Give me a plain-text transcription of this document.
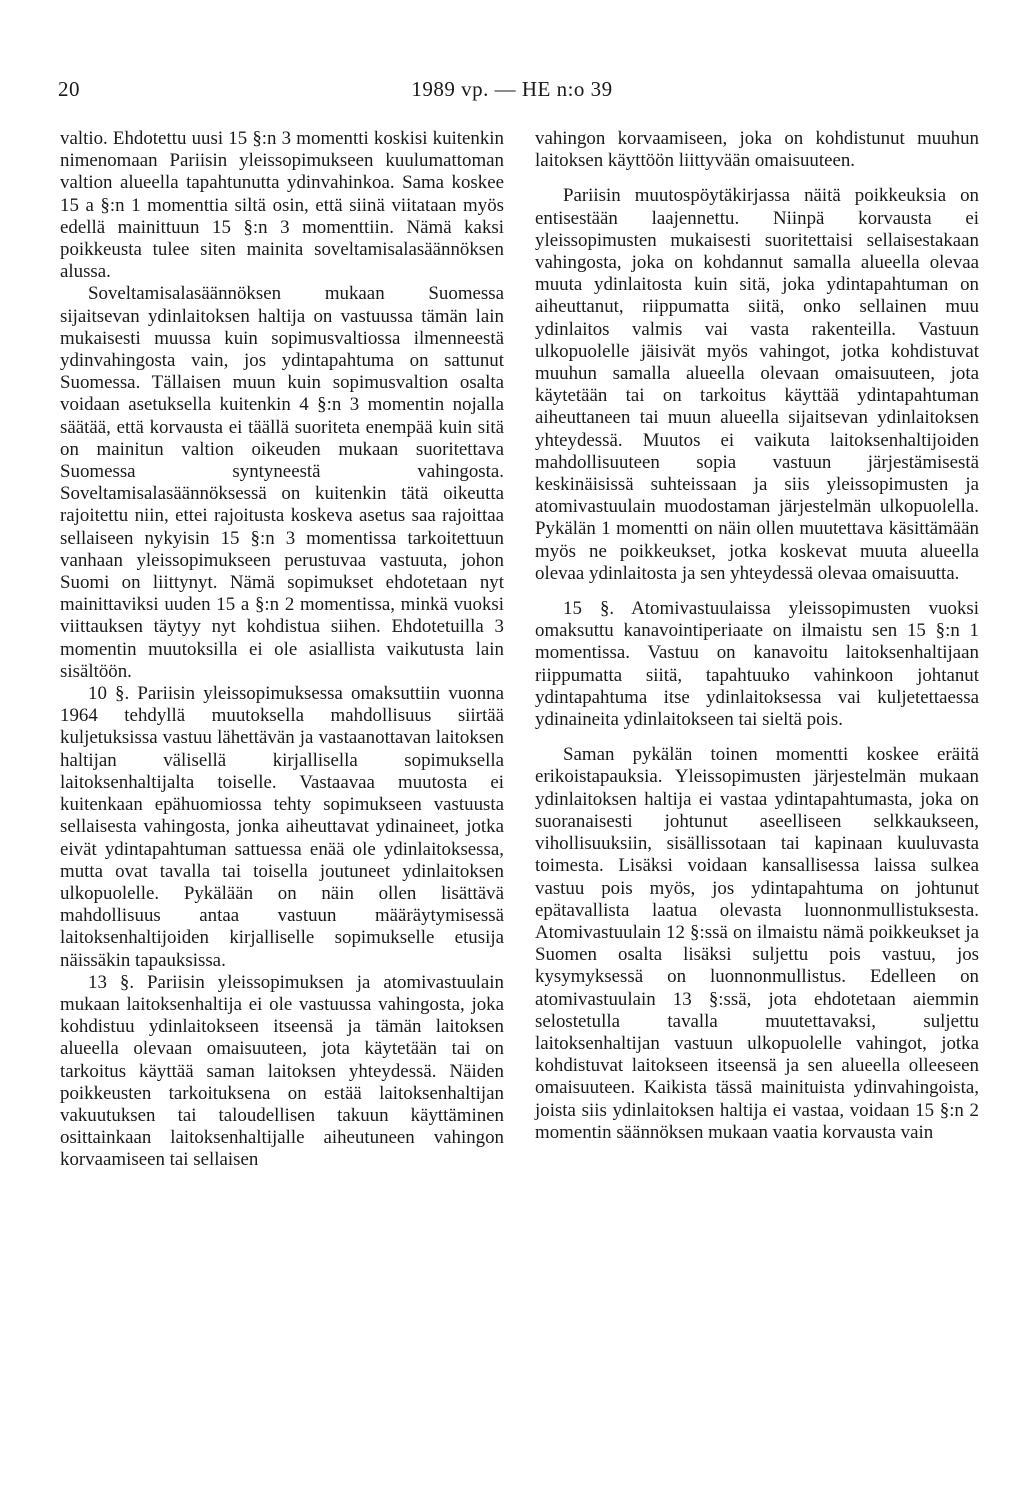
20	1989 vp. — HE n:o 39

valtio. Ehdotettu uusi 15 §:n 3 momentti koskisi kuitenkin nimenomaan Pariisin yleissopimukseen kuulumattoman valtion alueella tapahtunutta ydinvahinkoa. Sama koskee 15 a §:n 1 momenttia siltä osin, että siinä viitataan myös edellä mainittuun 15 §:n 3 momenttiin. Nämä kaksi poikkeusta tulee siten mainita soveltamisalasäännöksen alussa.

Soveltamisalasäännöksen mukaan Suomessa sijaitsevan ydinlaitoksen haltija on vastuussa tämän lain mukaisesti muussa kuin sopimusvaltiossa ilmenneestä ydinvahingosta vain, jos ydintapahtuma on sattunut Suomessa. Tällaisen muun kuin sopimusvaltion osalta voidaan asetuksella kuitenkin 4 §:n 3 momentin nojalla säätää, että korvausta ei täällä suoriteta enempää kuin sitä on mainitun valtion oikeuden mukaan suoritettava Suomessa syntyneestä vahingosta. Soveltamisalasäännöksessä on kuitenkin tätä oikeutta rajoitettu niin, ettei rajoitusta koskeva asetus saa rajoittaa sellaiseen nykyisin 15 §:n 3 momentissa tarkoitettuun vanhaan yleissopimukseen perustuvaa vastuuta, johon Suomi on liittynyt. Nämä sopimukset ehdotetaan nyt mainittaviksi uuden 15 a §:n 2 momentissa, minkä vuoksi viittauksen täytyy nyt kohdistua siihen. Ehdotetuilla 3 momentin muutoksilla ei ole asiallista vaikutusta lain sisältöön.

10 §. Pariisin yleissopimuksessa omaksuttiin vuonna 1964 tehdyllä muutoksella mahdollisuus siirtää kuljetuksissa vastuu lähettävän ja vastaanottavan laitoksen haltijan välisellä kirjallisella sopimuksella laitoksenhaltijalta toiselle. Vastaavaa muutosta ei kuitenkaan epähuomiossa tehty sopimukseen vastuusta sellaisesta vahingosta, jonka aiheuttavat ydinaineet, jotka eivät ydintapahtuman sattuessa enää ole ydinlaitoksessa, mutta ovat tavalla tai toisella joutuneet ydinlaitoksen ulkopuolelle. Pykälään on näin ollen lisättävä mahdollisuus antaa vastuun määräytymisessä laitoksenhaltijoiden kirjalliselle sopimukselle etusija näissäkin tapauksissa.

13 §. Pariisin yleissopimuksen ja atomivastuulain mukaan laitoksenhaltija ei ole vastuussa vahingosta, joka kohdistuu ydinlaitokseen itseensä ja tämän laitoksen alueella olevaan omaisuuteen, jota käytetään tai on tarkoitus käyttää saman laitoksen yhteydessä. Näiden poikkeusten tarkoituksena on estää laitoksenhaltijan vakuutuksen tai taloudellisen takuun käyttäminen osittainkaan laitoksenhaltijalle aiheutuneen vahingon korvaamiseen tai sellaisen

vahingon korvaamiseen, joka on kohdistunut muuhun laitoksen käyttöön liittyvään omaisuuteen.

Pariisin muutospöytäkirjassa näitä poikkeuksia on entisestään laajennettu. Niinpä korvausta ei yleissopimusten mukaisesti suoritettaisi sellaisestakaan vahingosta, joka on kohdannut samalla alueella olevaa muuta ydinlaitosta kuin sitä, joka ydintapahtuman on aiheuttanut, riippumatta siitä, onko sellainen muu ydinlaitos valmis vai vasta rakenteilla. Vastuun ulkopuolelle jäisivät myös vahingot, jotka kohdistuvat muuhun samalla alueella olevaan omaisuuteen, jota käytetään tai on tarkoitus käyttää ydintapahtuman aiheuttaneen tai muun alueella sijaitsevan ydinlaitoksen yhteydessä. Muutos ei vaikuta laitoksenhaltijoiden mahdollisuuteen sopia vastuun järjestämisestä keskinäisissä suhteissaan ja siis yleissopimusten ja atomivastuulain muodostaman järjestelmän ulkopuolella. Pykälän 1 momentti on näin ollen muutettava käsittämään myös ne poikkeukset, jotka koskevat muuta alueella olevaa ydinlaitosta ja sen yhteydessä olevaa omaisuutta.

15 §. Atomivastuulaissa yleissopimusten vuoksi omaksuttu kanavointiperiaate on ilmaistu sen 15 §:n 1 momentissa. Vastuu on kanavoitu laitoksenhaltijaan riippumatta siitä, tapahtuuko vahinkoon johtanut ydintapahtuma itse ydinlaitoksessa vai kuljetettaessa ydinaineita ydinlaitokseen tai sieltä pois.

Saman pykälän toinen momentti koskee eräitä erikoistapauksia. Yleissopimusten järjestelmän mukaan ydinlaitoksen haltija ei vastaa ydintapahtumasta, joka on suoranaisesti johtunut aseelliseen selkkaukseen, vihollisuuksiin, sisällissotaan tai kapinaan kuuluvasta toimesta. Lisäksi voidaan kansallisessa laissa sulkea vastuu pois myös, jos ydintapahtuma on johtunut epätavallista laatua olevasta luonnonmullistuksesta. Atomivastuulain 12 §:ssä on ilmaistu nämä poikkeukset ja Suomen osalta lisäksi suljettu pois vastuu, jos kysymyksessä on luonnonmullistus. Edelleen on atomivastuulain 13 §:ssä, jota ehdotetaan aiemmin selostetulla tavalla muutettavaksi, suljettu laitoksenhaltijan vastuun ulkopuolelle vahingot, jotka kohdistuvat laitokseen itseensä ja sen alueella olleeseen omaisuuteen. Kaikista tässä mainituista ydinvahingoista, joista siis ydinlaitoksen haltija ei vastaa, voidaan 15 §:n 2 momentin säännöksen mukaan vaatia korvausta vain
